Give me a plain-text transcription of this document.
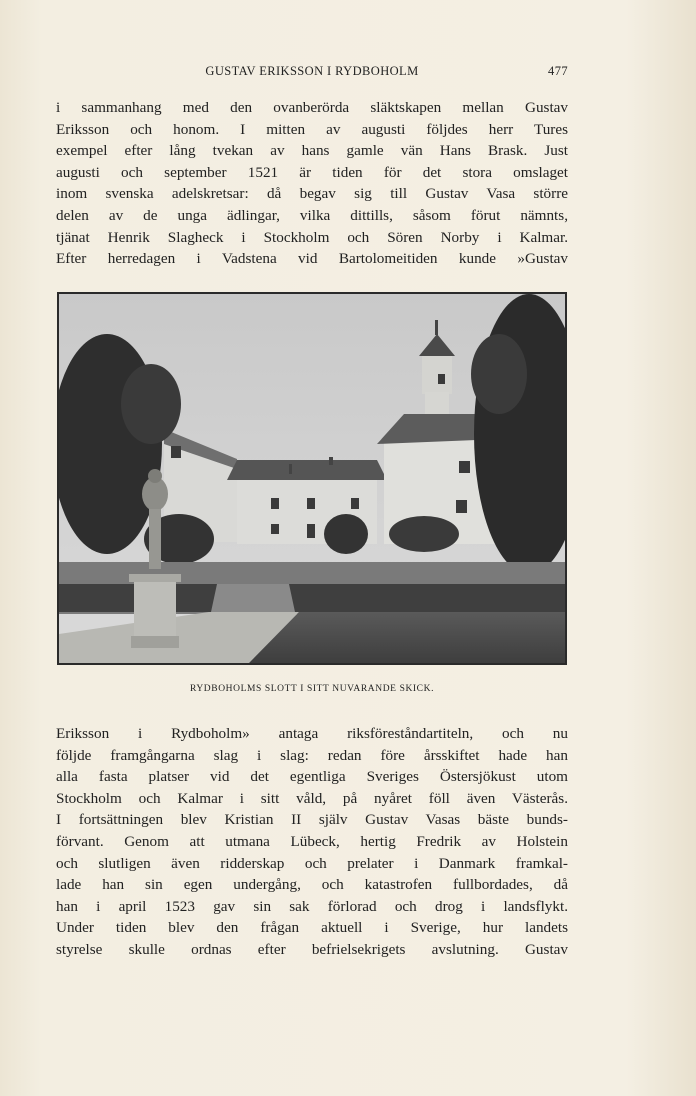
GUSTAV ERIKSSON I RYDBOHOLM	477
i sammanhang med den ovanberörda släktskapen mellan Gustav
Eriksson och honom. I mitten av augusti följdes herr Tures
exempel efter lång tvekan av hans gamle vän Hans Brask. Just
augusti och september 1521 är tiden för det stora omslaget
inom svenska adelskretsar: då begav sig till Gustav Vasa större
delen av de unga ädlingar, vilka dittills, såsom förut nämnts,
tjänat Henrik Slagheck i Stockholm och Sören Norby i Kalmar.
Efter herredagen i Vadstena vid Bartolomeitiden kunde »Gustav
RYDBOHOLMS SLOTT I SITT NUVARANDE SKICK.
Eriksson i Rydboholm» antaga riksföreståndartiteln, och nu
följde framgångarna slag i slag: redan före årsskiftet hade han
alla fasta platser vid det egentliga Sveriges Östersjökust utom
Stockholm och Kalmar i sitt våld, på nyåret föll även Västerås.
I fortsättningen blev Kristian II själv Gustav Vasas bäste bunds-
förvant. Genom att utmana Lübeck, hertig Fredrik av Holstein
och slutligen även ridderskap och prelater i Danmark framkal-
lade han sin egen undergång, och katastrofen fullbordades, då
han i april 1523 gav sin sak förlorad och drog i landsflykt.
Under tiden blev den frågan aktuell i Sverige, hur landets
styrelse skulle ordnas efter befrielsekrigets avslutning. Gustav
